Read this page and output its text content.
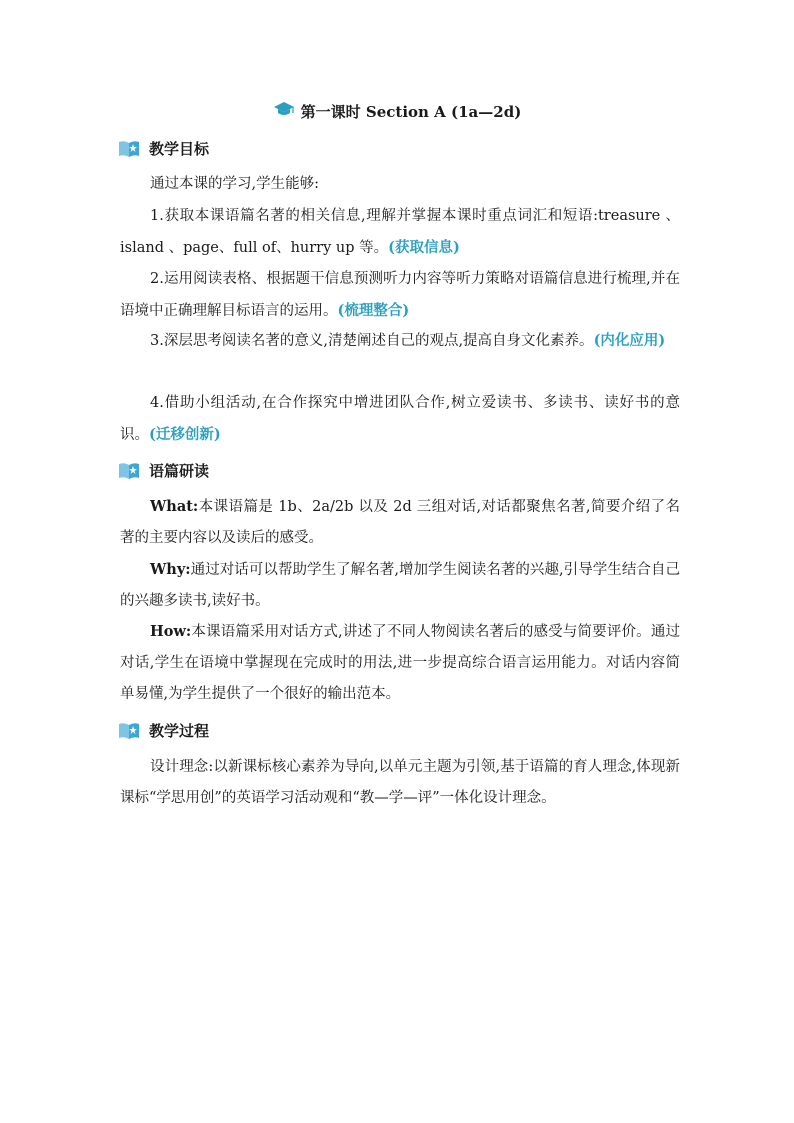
第一课时 Section A (1a—2d)
教学目标
通过本课的学习,学生能够:
1.获取本课语篇名著的相关信息,理解并掌握本课时重点词汇和短语:treasure 、island 、page、full of、hurry up 等。(获取信息)
2.运用阅读表格、根据题干信息预测听力内容等听力策略对语篇信息进行梳理,并在语境中正确理解目标语言的运用。(梳理整合)
3.深层思考阅读名著的意义,清楚阐述自己的观点,提高自身文化素养。(内化应用)
4.借助小组活动,在合作探究中增进团队合作,树立爱读书、多读书、读好书的意识。(迁移创新)
语篇研读
What:本课语篇是 1b、2a/2b 以及 2d 三组对话,对话都聚焦名著,简要介绍了名著的主要内容以及读后的感受。
Why:通过对话可以帮助学生了解名著,增加学生阅读名著的兴趣,引导学生结合自己的兴趣多读书,读好书。
How:本课语篇采用对话方式,讲述了不同人物阅读名著后的感受与简要评价。通过对话,学生在语境中掌握现在完成时的用法,进一步提高综合语言运用能力。对话内容简单易懂,为学生提供了一个很好的输出范本。
教学过程
设计理念:以新课标核心素养为导向,以单元主题为引领,基于语篇的育人理念,体现新课标“学思用创”的英语学习活动观和“教—学—评”一体化设计理念。
